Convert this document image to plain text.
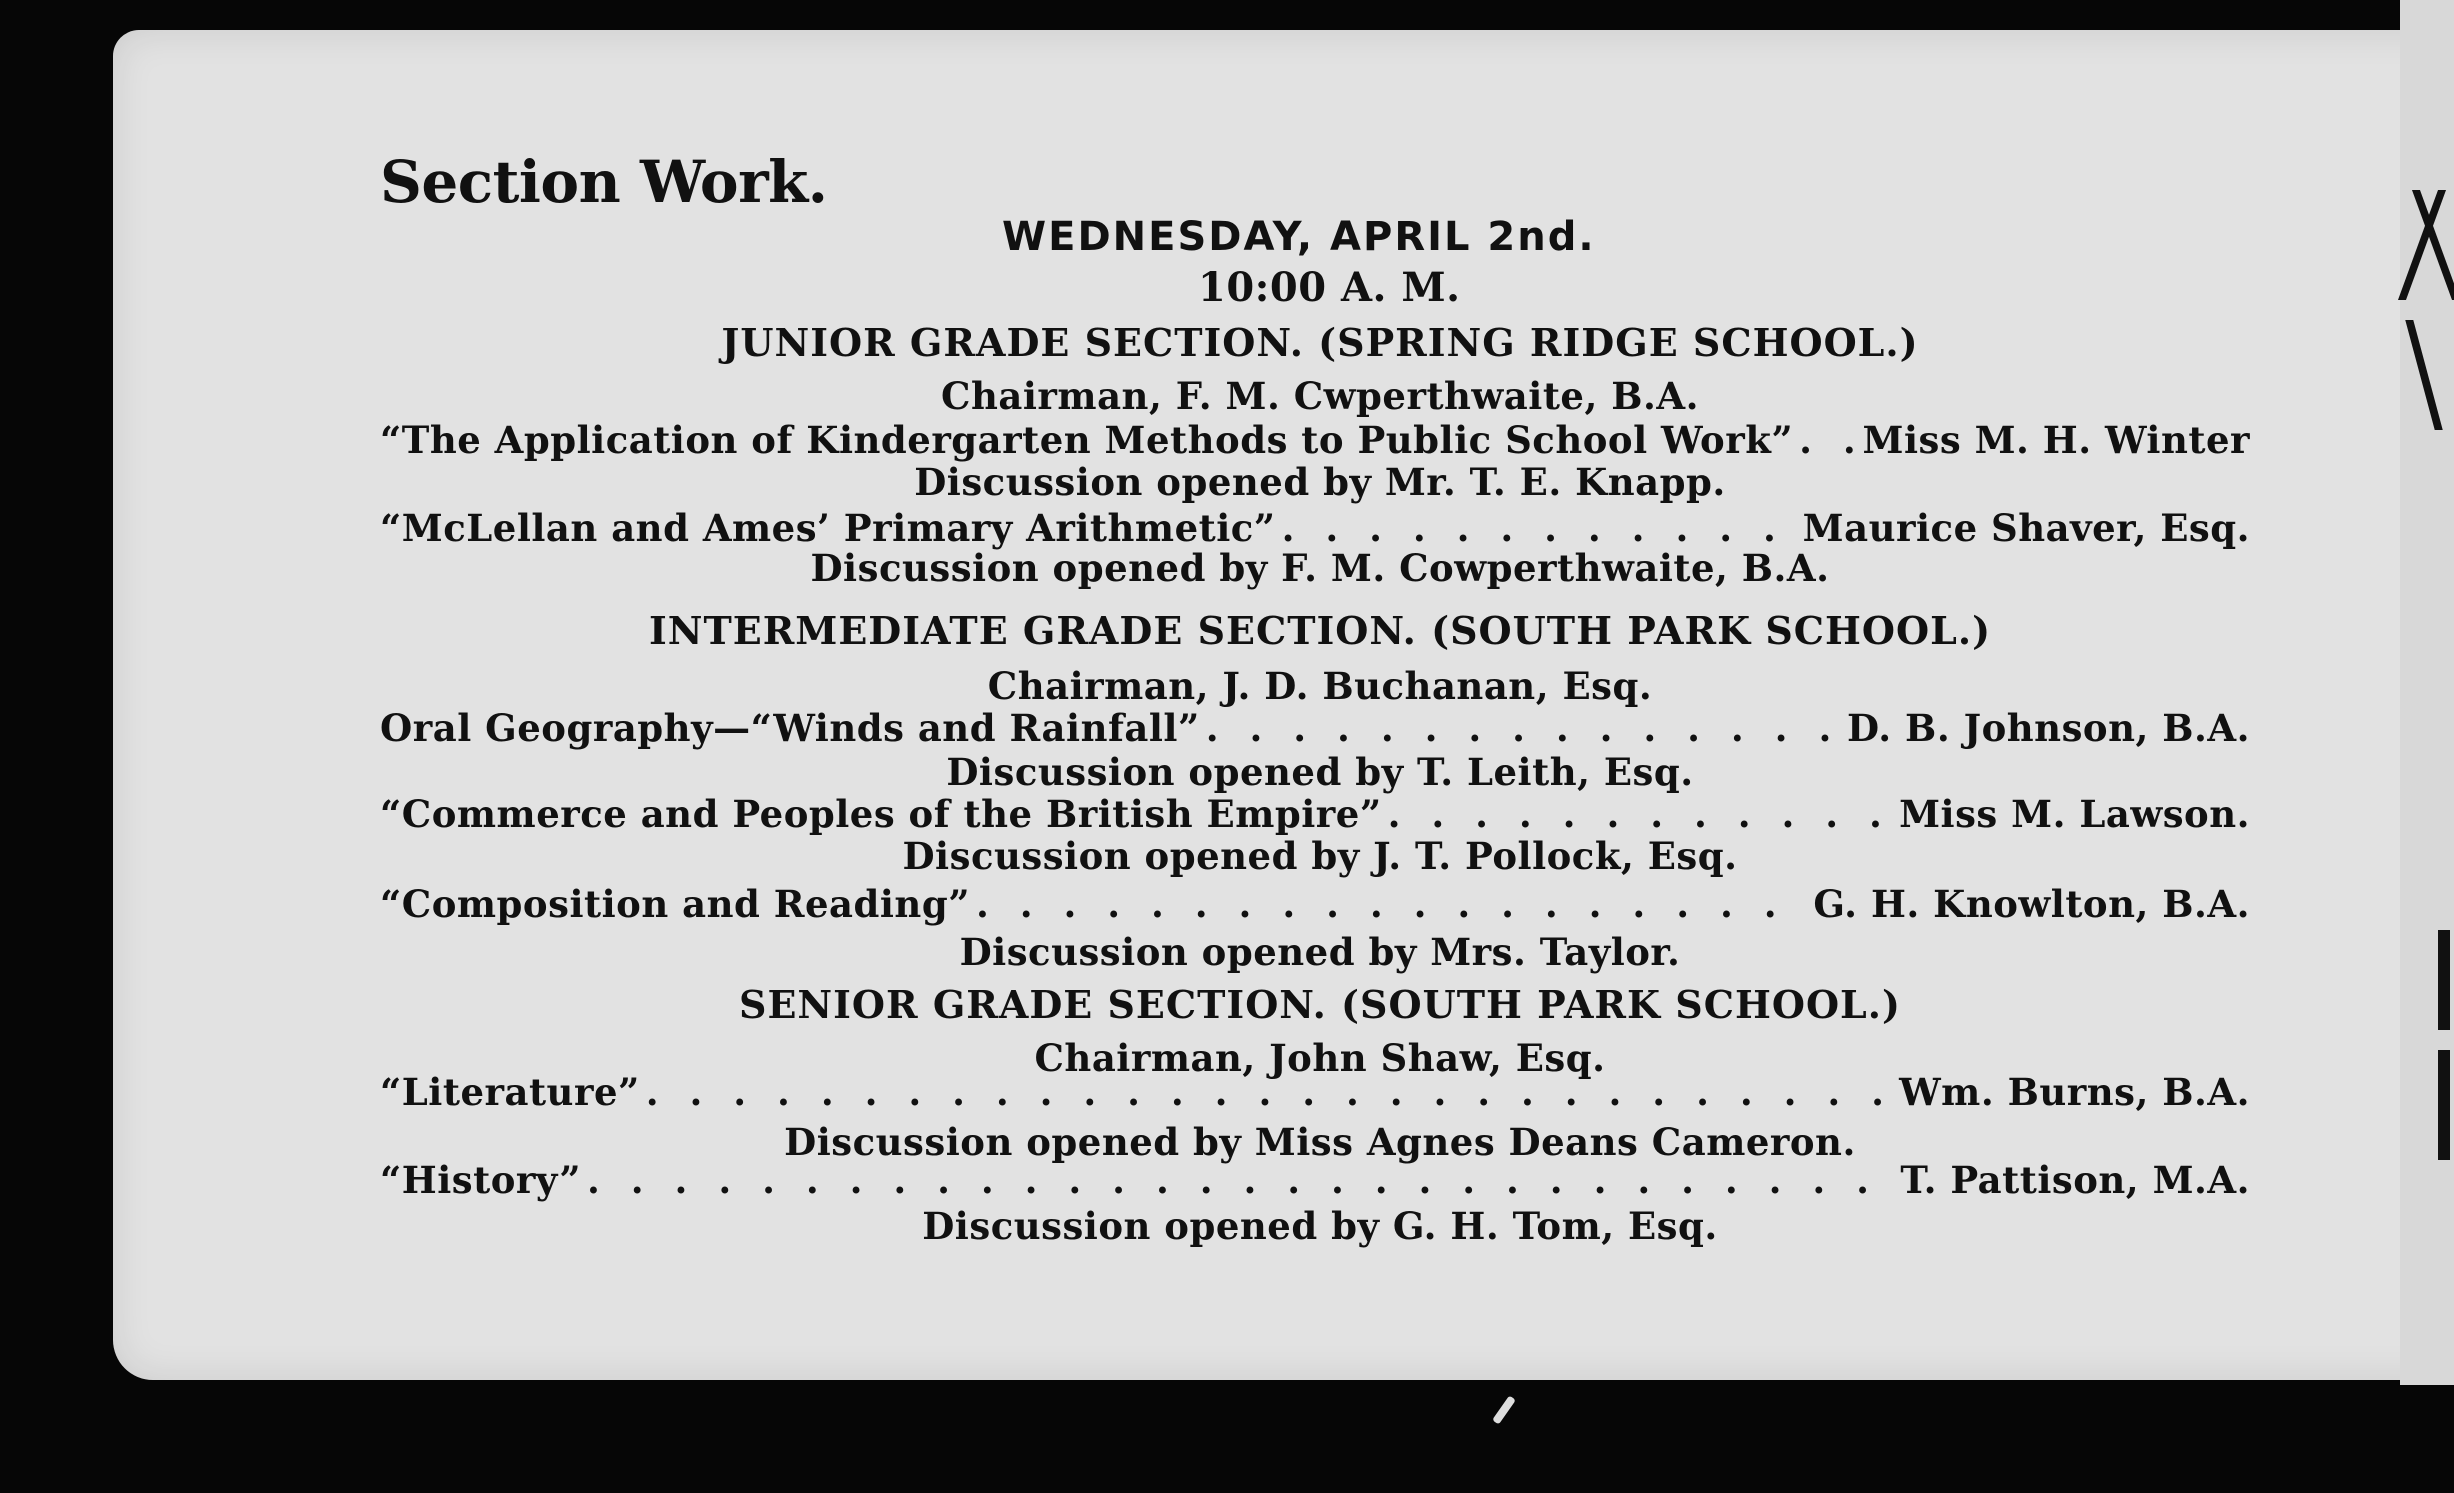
Section Work.
WEDNESDAY, APRIL 2nd.
10:00 A. M.
JUNIOR GRADE SECTION. (SPRING RIDGE SCHOOL.)
Chairman, F. M. Cwperthwaite, B.A.
“The Application of Kindergarten Methods to Public School Work” . . . Miss M. H. Winter
Discussion opened by Mr. T. E. Knapp.
“McLellan and Ames’ Primary Arithmetic” . . .	Maurice Shaver, Esq.
Discussion opened by F. M. Cowperthwaite, B.A.
INTERMEDIATE GRADE SECTION. (SOUTH PARK SCHOOL.)
Chairman, J. D. Buchanan, Esq.
Oral Geography—“Winds and Rainfall” . . .	D. B. Johnson, B.A.
Discussion opened by T. Leith, Esq.
“Commerce and Peoples of the British Empire” . . .	Miss M. Lawson.
Discussion opened by J. T. Pollock, Esq.
“Composition and Reading” . . .	G. H. Knowlton, B.A.
Discussion opened by Mrs. Taylor.
SENIOR GRADE SECTION. (SOUTH PARK SCHOOL.)
Chairman, John Shaw, Esq.
“Literature” . . .	Wm. Burns, B.A.
Discussion opened by Miss Agnes Deans Cameron.
“History” . . .	T. Pattison, M.A.
Discussion opened by G. H. Tom, Esq.
